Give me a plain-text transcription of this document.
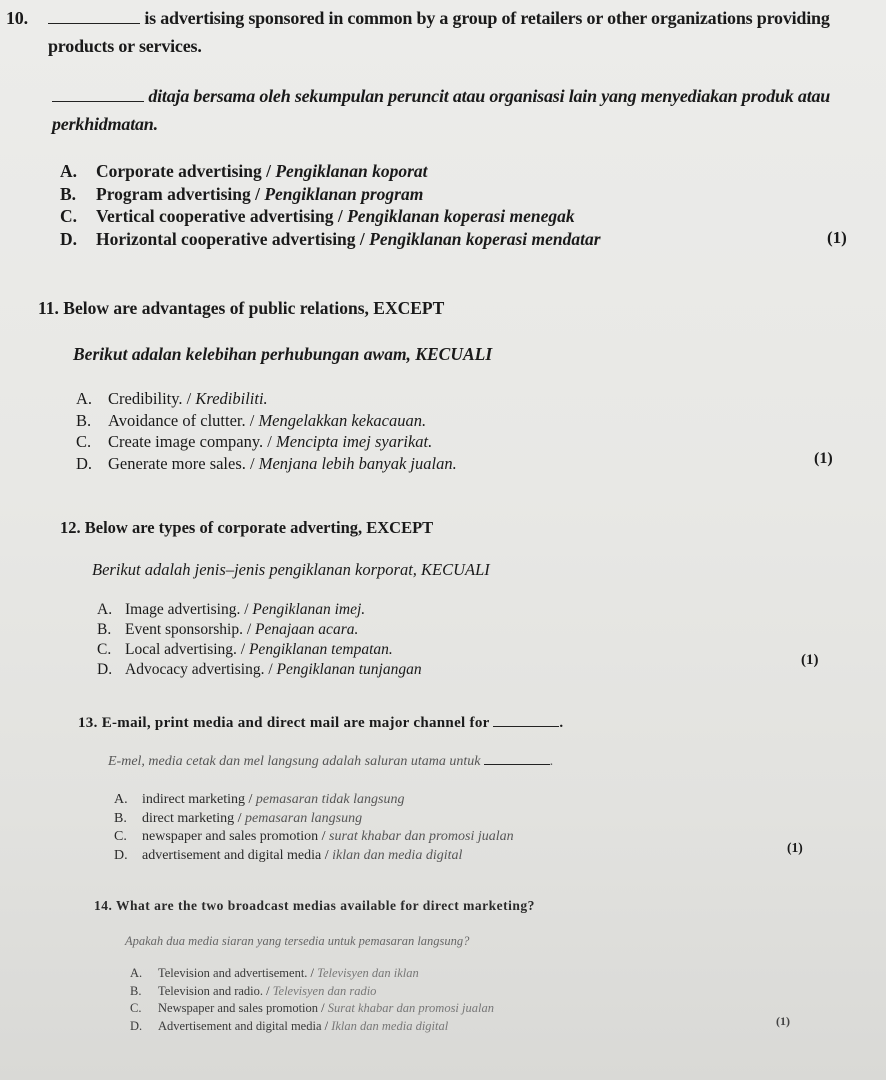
10.	is advertising sponsored in common by a group of retailers or other organizations providing
products or services.
ditaja bersama oleh sekumpulan peruncit atau organisasi lain yang menyediakan produk atau
perkhidmatan.
A. Corporate advertising / Pengiklanan koporat
B. Program advertising / Pengiklanan program
C. Vertical cooperative advertising / Pengiklanan koperasi menegak
D. Horizontal cooperative advertising / Pengiklanan koperasi mendatar	(1)
11. Below are advantages of public relations, EXCEPT
Berikut adalan kelebihan perhubungan awam, KECUALI
A. Credibility. / Kredibiliti.
B. Avoidance of clutter. / Mengelakkan kekacauan.
C. Create image company. / Mencipta imej syarikat.
D. Generate more sales. / Menjana lebih banyak jualan.	(1)
12. Below are types of corporate adverting, EXCEPT
Berikut adalah jenis–jenis pengiklanan korporat, KECUALI
A. Image advertising. / Pengiklanan imej.
B. Event sponsorship. / Penajaan acara.
C. Local advertising. / Pengiklanan tempatan.
D. Advocacy advertising. / Pengiklanan tunjangan
(1)
13. E-mail, print media and direct mail are major channel for	.
E-mel, media cetak dan mel langsung adalah saluran utama untuk	.
A. indirect marketing / pemasaran tidak langsung
B. direct marketing / pemasaran langsung
C. newspaper and sales promotion / surat khabar dan promosi jualan
D. advertisement and digital media / iklan dan media digital	(1)
14. What are the two broadcast medias available for direct marketing?
Apakah dua media siaran yang tersedia untuk pemasaran langsung?
A. Television and advertisement. / Televisyen dan iklan
B. Television and radio. / Televisyen dan radio
C. Newspaper and sales promotion / Surat khabar dan promosi jualan
D. Advertisement and digital media / Iklan dan media digital	(1)
